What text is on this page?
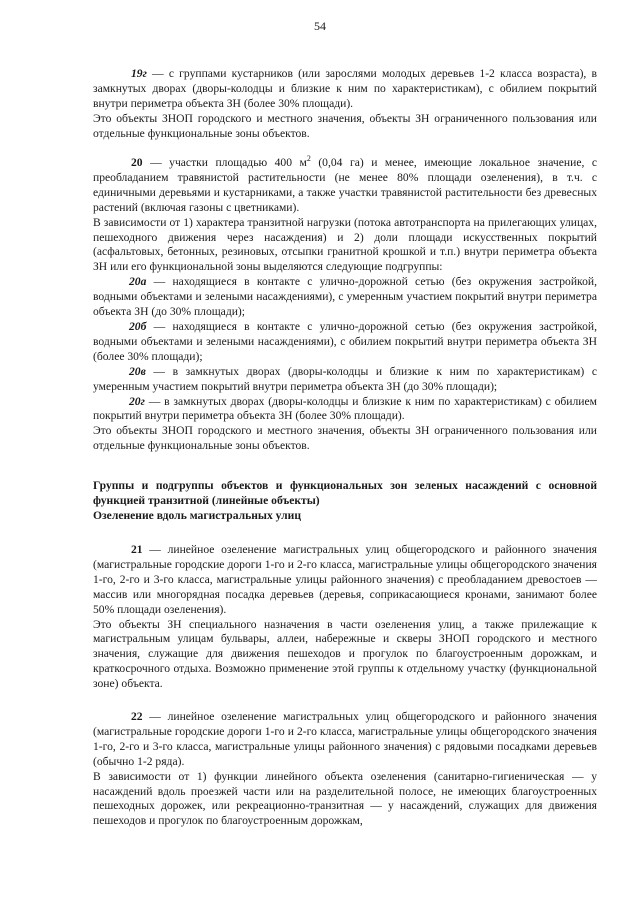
54

19г — с группами кустарников (или зарослями молодых деревьев 1-2 класса возраста), в замкнутых дворах (дворы-колодцы и близкие к ним по характеристикам), с обилием покрытий внутри периметра объекта ЗН (более 30% площади).

Это объекты ЗНОП городского и местного значения, объекты ЗН ограниченного пользования или отдельные функциональные зоны объектов.

20 — участки площадью 400 $м^2$ (0,04 га) и менее, имеющие локальное значение, с преобладанием травянистой растительности (не менее 80% площади озеленения), в т.ч. с единичными деревьями и кустарниками, а также участки травянистой растительности без древесных растений (включая газоны с цветниками).

В зависимости от 1) характера транзитной нагрузки (потока автотранспорта на прилегающих улицах, пешеходного движения через насаждения) и 2) доли площади искусственных покрытий (асфальтовых, бетонных, резиновых, отсыпки гранитной крошкой и т.п.) внутри периметра объекта ЗН или его функциональной зоны выделяются следующие подгруппы:

20а — находящиеся в контакте с улично-дорожной сетью (без окружения застройкой, водными объектами и зелеными насаждениями), с умеренным участием покрытий внутри периметра объекта ЗН (до 30% площади);

20б — находящиеся в контакте с улично-дорожной сетью (без окружения застройкой, водными объектами и зелеными насаждениями), с обилием покрытий внутри периметра объекта ЗН (более 30% площади);

20в — в замкнутых дворах (дворы-колодцы и близкие к ним по характеристикам) с умеренным участием покрытий внутри периметра объекта ЗН (до 30% площади);

20г — в замкнутых дворах (дворы-колодцы и близкие к ним по характеристикам) с обилием покрытий внутри периметра объекта ЗН (более 30% площади).

Это объекты ЗНОП городского и местного значения, объекты ЗН ограниченного пользования или отдельные функциональные зоны объектов.

Группы и подгруппы объектов и функциональных зон зеленых насаждений с основной функцией транзитной (линейные объекты)

Озеленение вдоль магистральных улиц

21 — линейное озеленение магистральных улиц общегородского и районного значения (магистральные городские дороги 1-го и 2-го класса, магистральные улицы общегородского значения 1-го, 2-го и 3-го класса, магистральные улицы районного значения) с преобладанием древостоев — массив или многорядная посадка деревьев (деревья, соприкасающиеся кронами, занимают более 50% площади озеленения).

Это объекты ЗН специального назначения в части озеленения улиц, а также прилежащие к магистральным улицам бульвары, аллеи, набережные и скверы ЗНОП городского и местного значения, служащие для движения пешеходов и прогулок по благоустроенным дорожкам, и краткосрочного отдыха. Возможно применение этой группы к отдельному участку (функциональной зоне) объекта.

22 — линейное озеленение магистральных улиц общегородского и районного значения (магистральные городские дороги 1-го и 2-го класса, магистральные улицы общегородского значения 1-го, 2-го и 3-го класса, магистральные улицы районного значения) с рядовыми посадками деревьев (обычно 1-2 ряда).

В зависимости от 1) функции линейного объекта озеленения (санитарно-гигиеническая — у насаждений вдоль проезжей части или на разделительной полосе, не имеющих благоустроенных пешеходных дорожек, или рекреационно-транзитная — у насаждений, служащих для движения пешеходов и прогулок по благоустроенным дорожкам,
